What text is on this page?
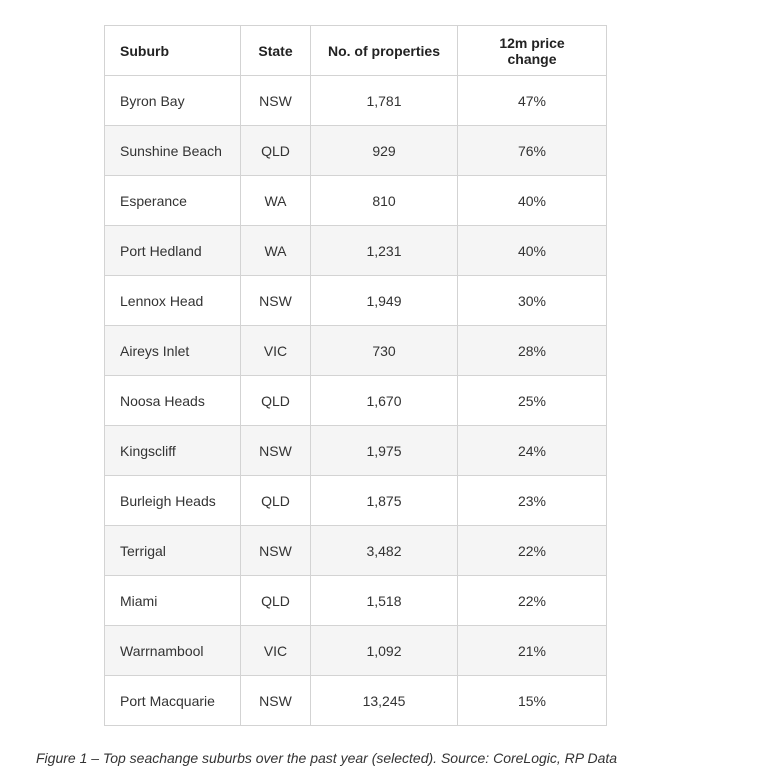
Suburb	State	No. of properties	12m price change
Byron Bay	NSW	1,781	47%
Sunshine Beach	QLD	929	76%
Esperance	WA	810	40%
Port Hedland	WA	1,231	40%
Lennox Head	NSW	1,949	30%
Aireys Inlet	VIC	730	28%
Noosa Heads	QLD	1,670	25%
Kingscliff	NSW	1,975	24%
Burleigh Heads	QLD	1,875	23%
Terrigal	NSW	3,482	22%
Miami	QLD	1,518	22%
Warrnambool	VIC	1,092	21%
Port Macquarie	NSW	13,245	15%
Figure 1 – Top seachange suburbs over the past year (selected). Source: CoreLogic, RP Data
